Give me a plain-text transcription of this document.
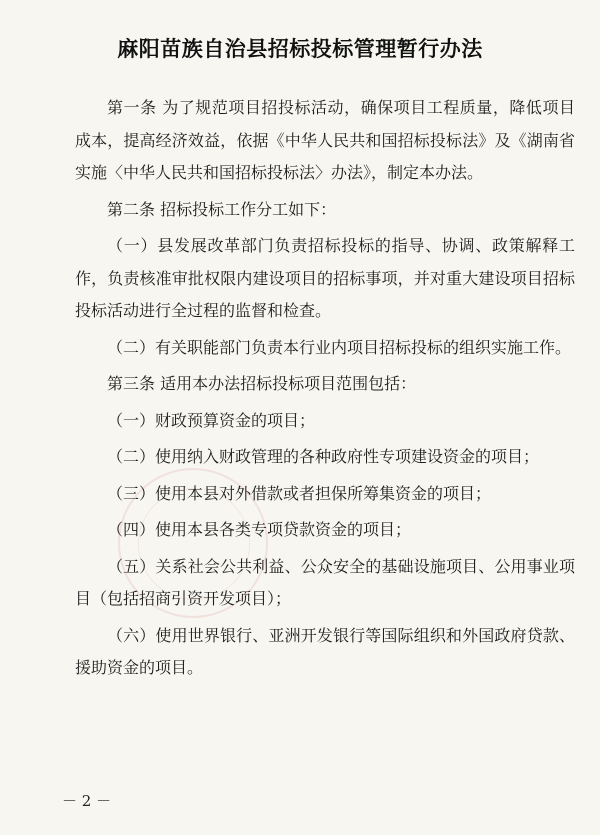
麻阳苗族自治县招标投标管理暂行办法

第一条 为了规范项目招投标活动，确保项目工程质量，降低项目成本，提高经济效益，依据《中华人民共和国招标投标法》及《湖南省实施〈中华人民共和国招标投标法〉办法》，制定本办法。

第二条 招标投标工作分工如下：

（一）县发展改革部门负责招标投标的指导、协调、政策解释工作，负责核准审批权限内建设项目的招标事项，并对重大建设项目招标投标活动进行全过程的监督和检查。

（二）有关职能部门负责本行业内项目招标投标的组织实施工作。

第三条 适用本办法招标投标项目范围包括：

（一）财政预算资金的项目；

（二）使用纳入财政管理的各种政府性专项建设资金的项目；

（三）使用本县对外借款或者担保所筹集资金的项目；

（四）使用本县各类专项贷款资金的项目；

（五）关系社会公共利益、公众安全的基础设施项目、公用事业项目（包括招商引资开发项目）；

（六）使用世界银行、亚洲开发银行等国际组织和外国政府贷款、援助资金的项目。

－ 2 －
